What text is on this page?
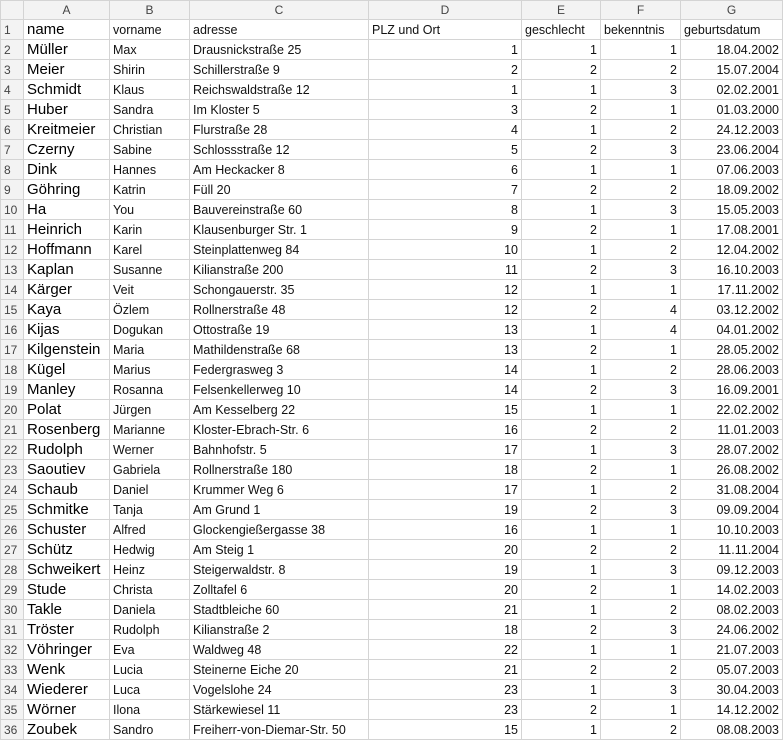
	A	B	C	D	E	F	G
1	name	vorname	adresse	PLZ und Ort	geschlecht	bekenntnis	geburtsdatum
2	Müller	Max	Drausnickstraße 25	1	1	1	18.04.2002
3	Meier	Shirin	Schillerstraße 9	2	2	2	15.07.2004
4	Schmidt	Klaus	Reichswaldstraße 12	1	1	3	02.02.2001
5	Huber	Sandra	Im Kloster 5	3	2	1	01.03.2000
6	Kreitmeier	Christian	Flurstraße 28	4	1	2	24.12.2003
7	Czerny	Sabine	Schlossstraße 12	5	2	3	23.06.2004
8	Dink	Hannes	Am Heckacker 8	6	1	1	07.06.2003
9	Göhring	Katrin	Füll 20	7	2	2	18.09.2002
10	Ha	You	Bauvereinstraße 60	8	1	3	15.05.2003
11	Heinrich	Karin	Klausenburger Str. 1	9	2	1	17.08.2001
12	Hoffmann	Karel	Steinplattenweg 84	10	1	2	12.04.2002
13	Kaplan	Susanne	Kilianstraße 200	11	2	3	16.10.2003
14	Kärger	Veit	Schongauerstr. 35	12	1	1	17.11.2002
15	Kaya	Özlem	Rollnerstraße 48	12	2	4	03.12.2002
16	Kijas	Dogukan	Ottostraße 19	13	1	4	04.01.2002
17	Kilgenstein	Maria	Mathildenstraße 68	13	2	1	28.05.2002
18	Kügel	Marius	Federgrasweg 3	14	1	2	28.06.2003
19	Manley	Rosanna	Felsenkellerweg 10	14	2	3	16.09.2001
20	Polat	Jürgen	Am Kesselberg 22	15	1	1	22.02.2002
21	Rosenberg	Marianne	Kloster-Ebrach-Str. 6	16	2	2	11.01.2003
22	Rudolph	Werner	Bahnhofstr. 5	17	1	3	28.07.2002
23	Saoutiev	Gabriela	Rollnerstraße 180	18	2	1	26.08.2002
24	Schaub	Daniel	Krummer Weg 6	17	1	2	31.08.2004
25	Schmitke	Tanja	Am Grund 1	19	2	3	09.09.2004
26	Schuster	Alfred	Glockengießergasse 38	16	1	1	10.10.2003
27	Schütz	Hedwig	Am Steig 1	20	2	2	11.11.2004
28	Schweikert	Heinz	Steigerwaldstr. 8	19	1	3	09.12.2003
29	Stude	Christa	Zolltafel 6	20	2	1	14.02.2003
30	Takle	Daniela	Stadtbleiche 60	21	1	2	08.02.2003
31	Tröster	Rudolph	Kilianstraße 2	18	2	3	24.06.2002
32	Vöhringer	Eva	Waldweg 48	22	1	1	21.07.2003
33	Wenk	Lucia	Steinerne Eiche 20	21	2	2	05.07.2003
34	Wiederer	Luca	Vogelslohe 24	23	1	3	30.04.2003
35	Wörner	Ilona	Stärkewiesel 11	23	2	1	14.12.2002
36	Zoubek	Sandro	Freiherr-von-Diemar-Str. 50	15	1	2	08.08.2003
